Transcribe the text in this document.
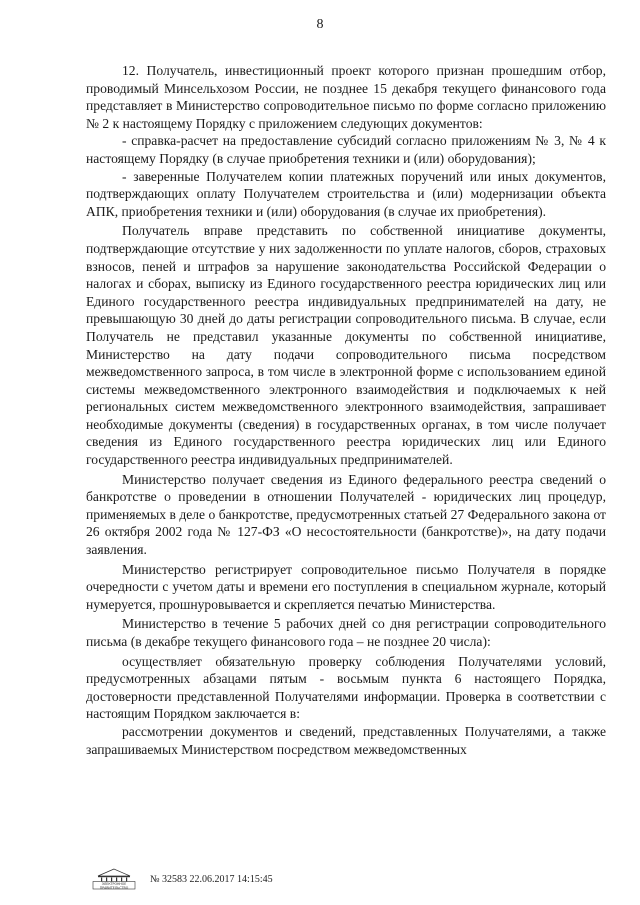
8

12. Получатель, инвестиционный проект которого признан прошедшим отбор, проводимый Минсельхозом России, не позднее 15 декабря текущего финансового года представляет в Министерство сопроводительное письмо по форме согласно приложению № 2 к настоящему Порядку с приложением следующих документов:

- справка-расчет на предоставление субсидий согласно приложениям № 3, № 4 к настоящему Порядку (в случае приобретения техники и (или) оборудования);

- заверенные Получателем копии платежных поручений или иных документов, подтверждающих оплату Получателем строительства и (или) модернизации объекта АПК, приобретения техники и (или) оборудования (в случае их приобретения).

Получатель вправе представить по собственной инициативе документы, подтверждающие отсутствие у них задолженности по уплате налогов, сборов, страховых взносов, пеней и штрафов за нарушение законодательства Российской Федерации о налогах и сборах, выписку из Единого государственного реестра юридических лиц или Единого государственного реестра индивидуальных предпринимателей на дату, не превышающую 30 дней до даты регистрации сопроводительного письма. В случае, если Получатель не представил указанные документы по собственной инициативе, Министерство на дату подачи сопроводительного письма посредством межведомственного запроса, в том числе в электронной форме с использованием единой системы межведомственного электронного взаимодействия и подключаемых к ней региональных систем межведомственного электронного взаимодействия, запрашивает необходимые документы (сведения) в государственных органах, в том числе получает сведения из Единого государственного реестра юридических лиц или Единого государственного реестра индивидуальных предпринимателей.

Министерство получает сведения из Единого федерального реестра сведений о банкротстве о проведении в отношении Получателей - юридических лиц процедур, применяемых в деле о банкротстве, предусмотренных статьей 27 Федерального закона от 26 октября 2002 года № 127-ФЗ «О несостоятельности (банкротстве)», на дату подачи заявления.

Министерство регистрирует сопроводительное письмо Получателя в порядке очередности с учетом даты и времени его поступления в специальном журнале, который нумеруется, прошнуровывается и скрепляется печатью Министерства.

Министерство в течение 5 рабочих дней со дня регистрации сопроводительного письма (в декабре текущего финансового года – не позднее 20 числа):

осуществляет обязательную проверку соблюдения Получателями условий, предусмотренных абзацами пятым - восьмым пункта 6 настоящего Порядка, достоверности представленной Получателями информации. Проверка в соответствии с настоящим Порядком заключается в:

рассмотрении документов и сведений, представленных Получателями, а также запрашиваемых Министерством посредством межведомственных

ЭЛЕКТРОННОЕ ПРАВИТЕЛЬСТВО
№ 32583 22.06.2017 14:15:45
